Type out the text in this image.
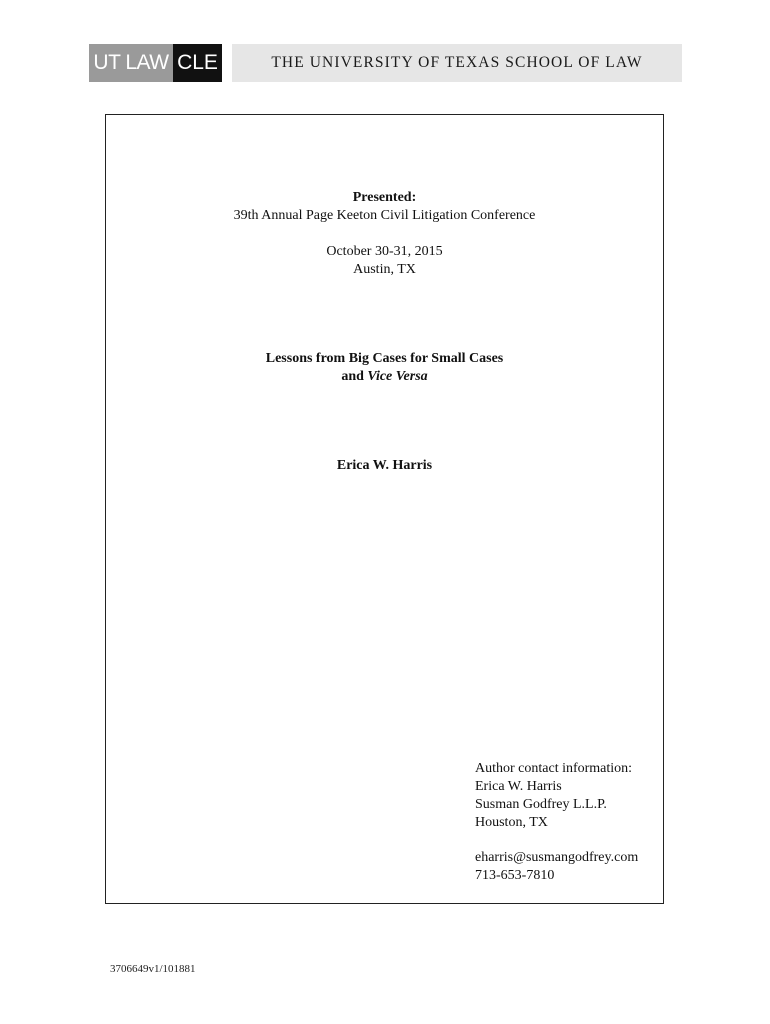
UT LAW CLE	THE UNIVERSITY OF TEXAS SCHOOL OF LAW
Presented:
39th Annual Page Keeton Civil Litigation Conference
October 30-31, 2015
Austin, TX
Lessons from Big Cases for Small Cases
and Vice Versa
Erica W. Harris
Author contact information:
Erica W. Harris
Susman Godfrey L.L.P.
Houston, TX
eharris@susmangodfrey.com
713-653-7810
3706649v1/101881
